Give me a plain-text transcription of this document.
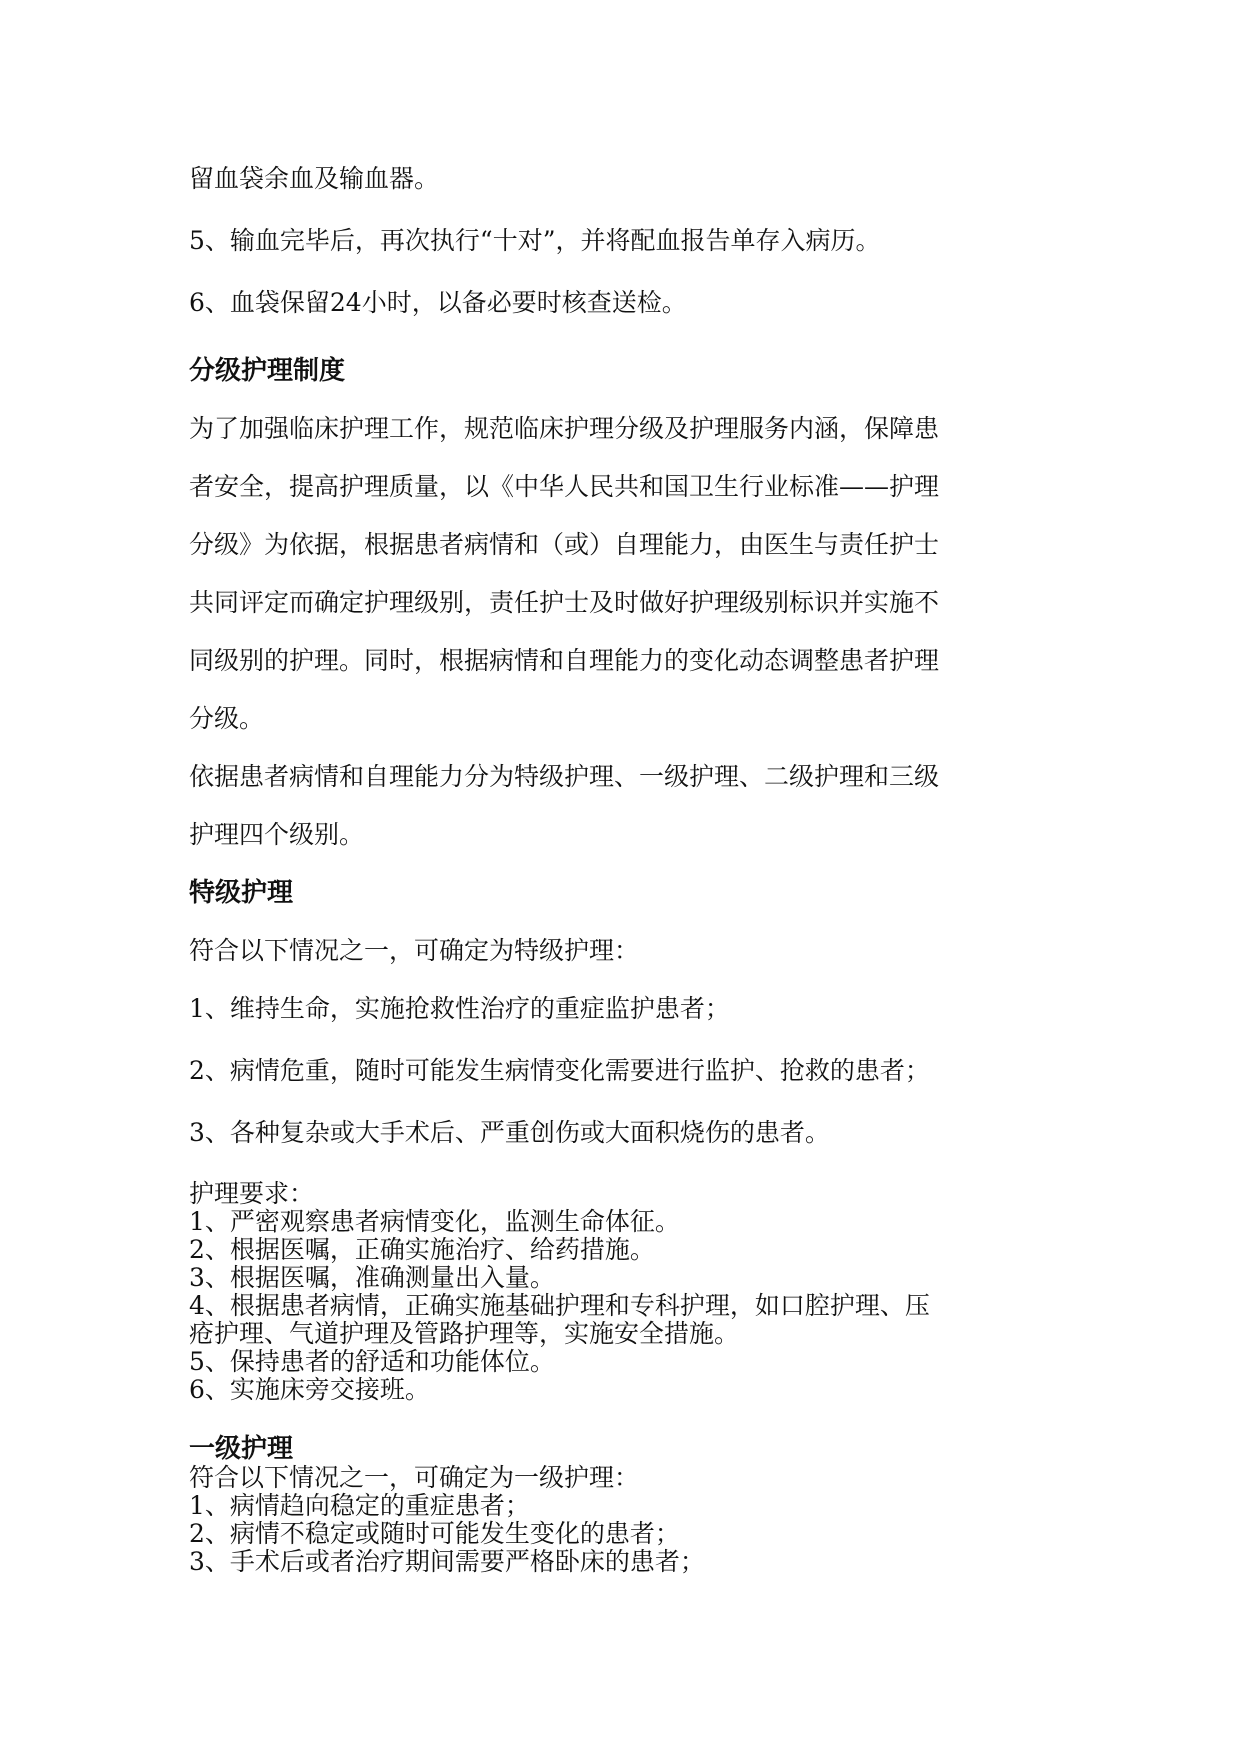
留血袋余血及输血器。

5、输血完毕后，再次执行“十对”，并将配血报告单存入病历。

6、血袋保留24小时，以备必要时核查送检。

分级护理制度

为了加强临床护理工作，规范临床护理分级及护理服务内涵，保障患

者安全，提高护理质量，以《中华人民共和国卫生行业标准——护理

分级》为依据，根据患者病情和（或）自理能力，由医生与责任护士

共同评定而确定护理级别，责任护士及时做好护理级别标识并实施不

同级别的护理。同时，根据病情和自理能力的变化动态调整患者护理

分级。

依据患者病情和自理能力分为特级护理、一级护理、二级护理和三级

护理四个级别。

特级护理

符合以下情况之一，可确定为特级护理：

1、维持生命，实施抢救性治疗的重症监护患者；

2、病情危重，随时可能发生病情变化需要进行监护、抢救的患者；

3、各种复杂或大手术后、严重创伤或大面积烧伤的患者。

护理要求：

1、严密观察患者病情变化，监测生命体征。

2、根据医嘱，正确实施治疗、给药措施。

3、根据医嘱，准确测量出入量。

4、根据患者病情，正确实施基础护理和专科护理，如口腔护理、压

疮护理、气道护理及管路护理等，实施安全措施。

5、保持患者的舒适和功能体位。

6、实施床旁交接班。

一级护理

符合以下情况之一，可确定为一级护理：

1、病情趋向稳定的重症患者；

2、病情不稳定或随时可能发生变化的患者；

3、手术后或者治疗期间需要严格卧床的患者；
